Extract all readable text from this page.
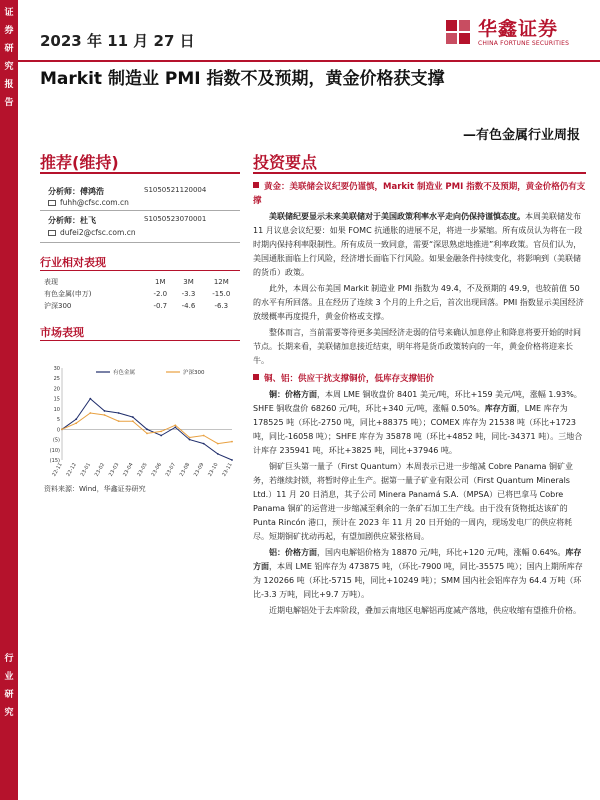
证
券
研
究
报
告
行
业
研
究
2023 年 11 月 27 日
华鑫证券
CHINA FORTUNE SECURITIES
Markit 制造业 PMI 指数不及预期，黄金价格获支撑
—有色金属行业周报
推荐(维持)	投资要点
分析师：傅鸿浩	S1050521120004
fuhh@cfsc.com.cn
分析师：杜飞	S1050523070001
dufei2@cfsc.com.cn
行业相对表现
表现	1M	3M	12M
有色金属(申万)	-2.0	-3.3	-15.0
沪深300	-0.7	-4.6	-6.3
市场表现
(15)
(10)
(5)
0
5
10
15
20
25
30
22-11 22-12 23-01 23-02 23-03 23-04 23-05 23-06 23-07 23-08 23-09 23-10 23-11
有色金属	沪深300
资料来源：Wind，华鑫证券研究
黄金：美联储会议纪要仍谨慎，Markit 制造业 PMI 指数不及预期，黄金价格仍有支撑

美联储纪要显示未来美联储对于美国政策利率水平走向仍保持谨慎态度。本周美联储发布 11 月议息会议纪要：如果 FOMC 抗通胀的进展不足，将进一步紧缩。所有成员认为将在一段时期内保持利率限制性。所有成员一致同意，需要“深思熟虑地推进”利率政策。官员们认为，美国通胀面临上行风险，经济增长面临下行风险。如果金融条件持续变化，将影响到（美联储的货币）政策。

此外，本周公布美国 Markit 制造业 PMI 指数为 49.4，不及预期的 49.9，也较前值 50 的水平有所回落。且在经历了连续 3 个月的上升之后，首次出现回落。PMI 指数显示美国经济放缓概率再度提升，黄金价格或支撑。

整体而言，当前需要等待更多美国经济走弱的信号来确认加息停止和降息将要开始的时间节点。长期来看，美联储加息接近结束，明年将是货币政策转向的一年，黄金价格将迎来长牛。

铜、铝：供应干扰支撑铜价，低库存支撑铝价

铜：价格方面，本周 LME 铜收盘价 8401 美元/吨，环比+159 美元/吨，涨幅 1.93%。SHFE 铜收盘价 68260 元/吨，环比+340 元/吨，涨幅 0.50%。库存方面，LME 库存为 178525 吨（环比-2750 吨，同比+88375 吨）；COMEX 库存为 21538 吨（环比+1723 吨，同比-16058 吨）；SHFE 库存为 35878 吨（环比+4852 吨，同比-34371 吨）。三地合计库存 235941 吨，环比+3825 吨，同比+37946 吨。

铜矿巨头第一量子（First Quantum）本周表示已进一步缩减 Cobre Panama 铜矿业务，若继续封锁，将暂时停止生产。据第一量子矿业有限公司（First Quantum Minerals Ltd.）11 月 20 日消息，其子公司 Minera Panamá S.A.（MPSA）已将巴拿马 Cobre Panama 铜矿的运营进一步缩减至剩余的一条矿石加工生产线。由于没有货物抵达该矿的 Punta Rincón 港口，预计在 2023 年 11 月 20 日开始的一周内，现场发电厂的供应将耗尽。短期铜矿扰动再起，有望加剧供应紧张格局。

铝：价格方面，国内电解铝价格为 18870 元/吨，环比+120 元/吨，涨幅 0.64%。库存方面，本周 LME 铝库存为 473875 吨，（环比-7900 吨，同比-35575 吨）；国内上期所库存为 120266 吨（环比-5715 吨，同比+10249 吨）；SMM 国内社会铝库存为 64.4 万吨（环比-3.3 万吨，同比+9.7 万吨）。

近期电解铝处于去库阶段，叠加云南地区电解铝再度减产落地，供应收缩有望推升价格。
